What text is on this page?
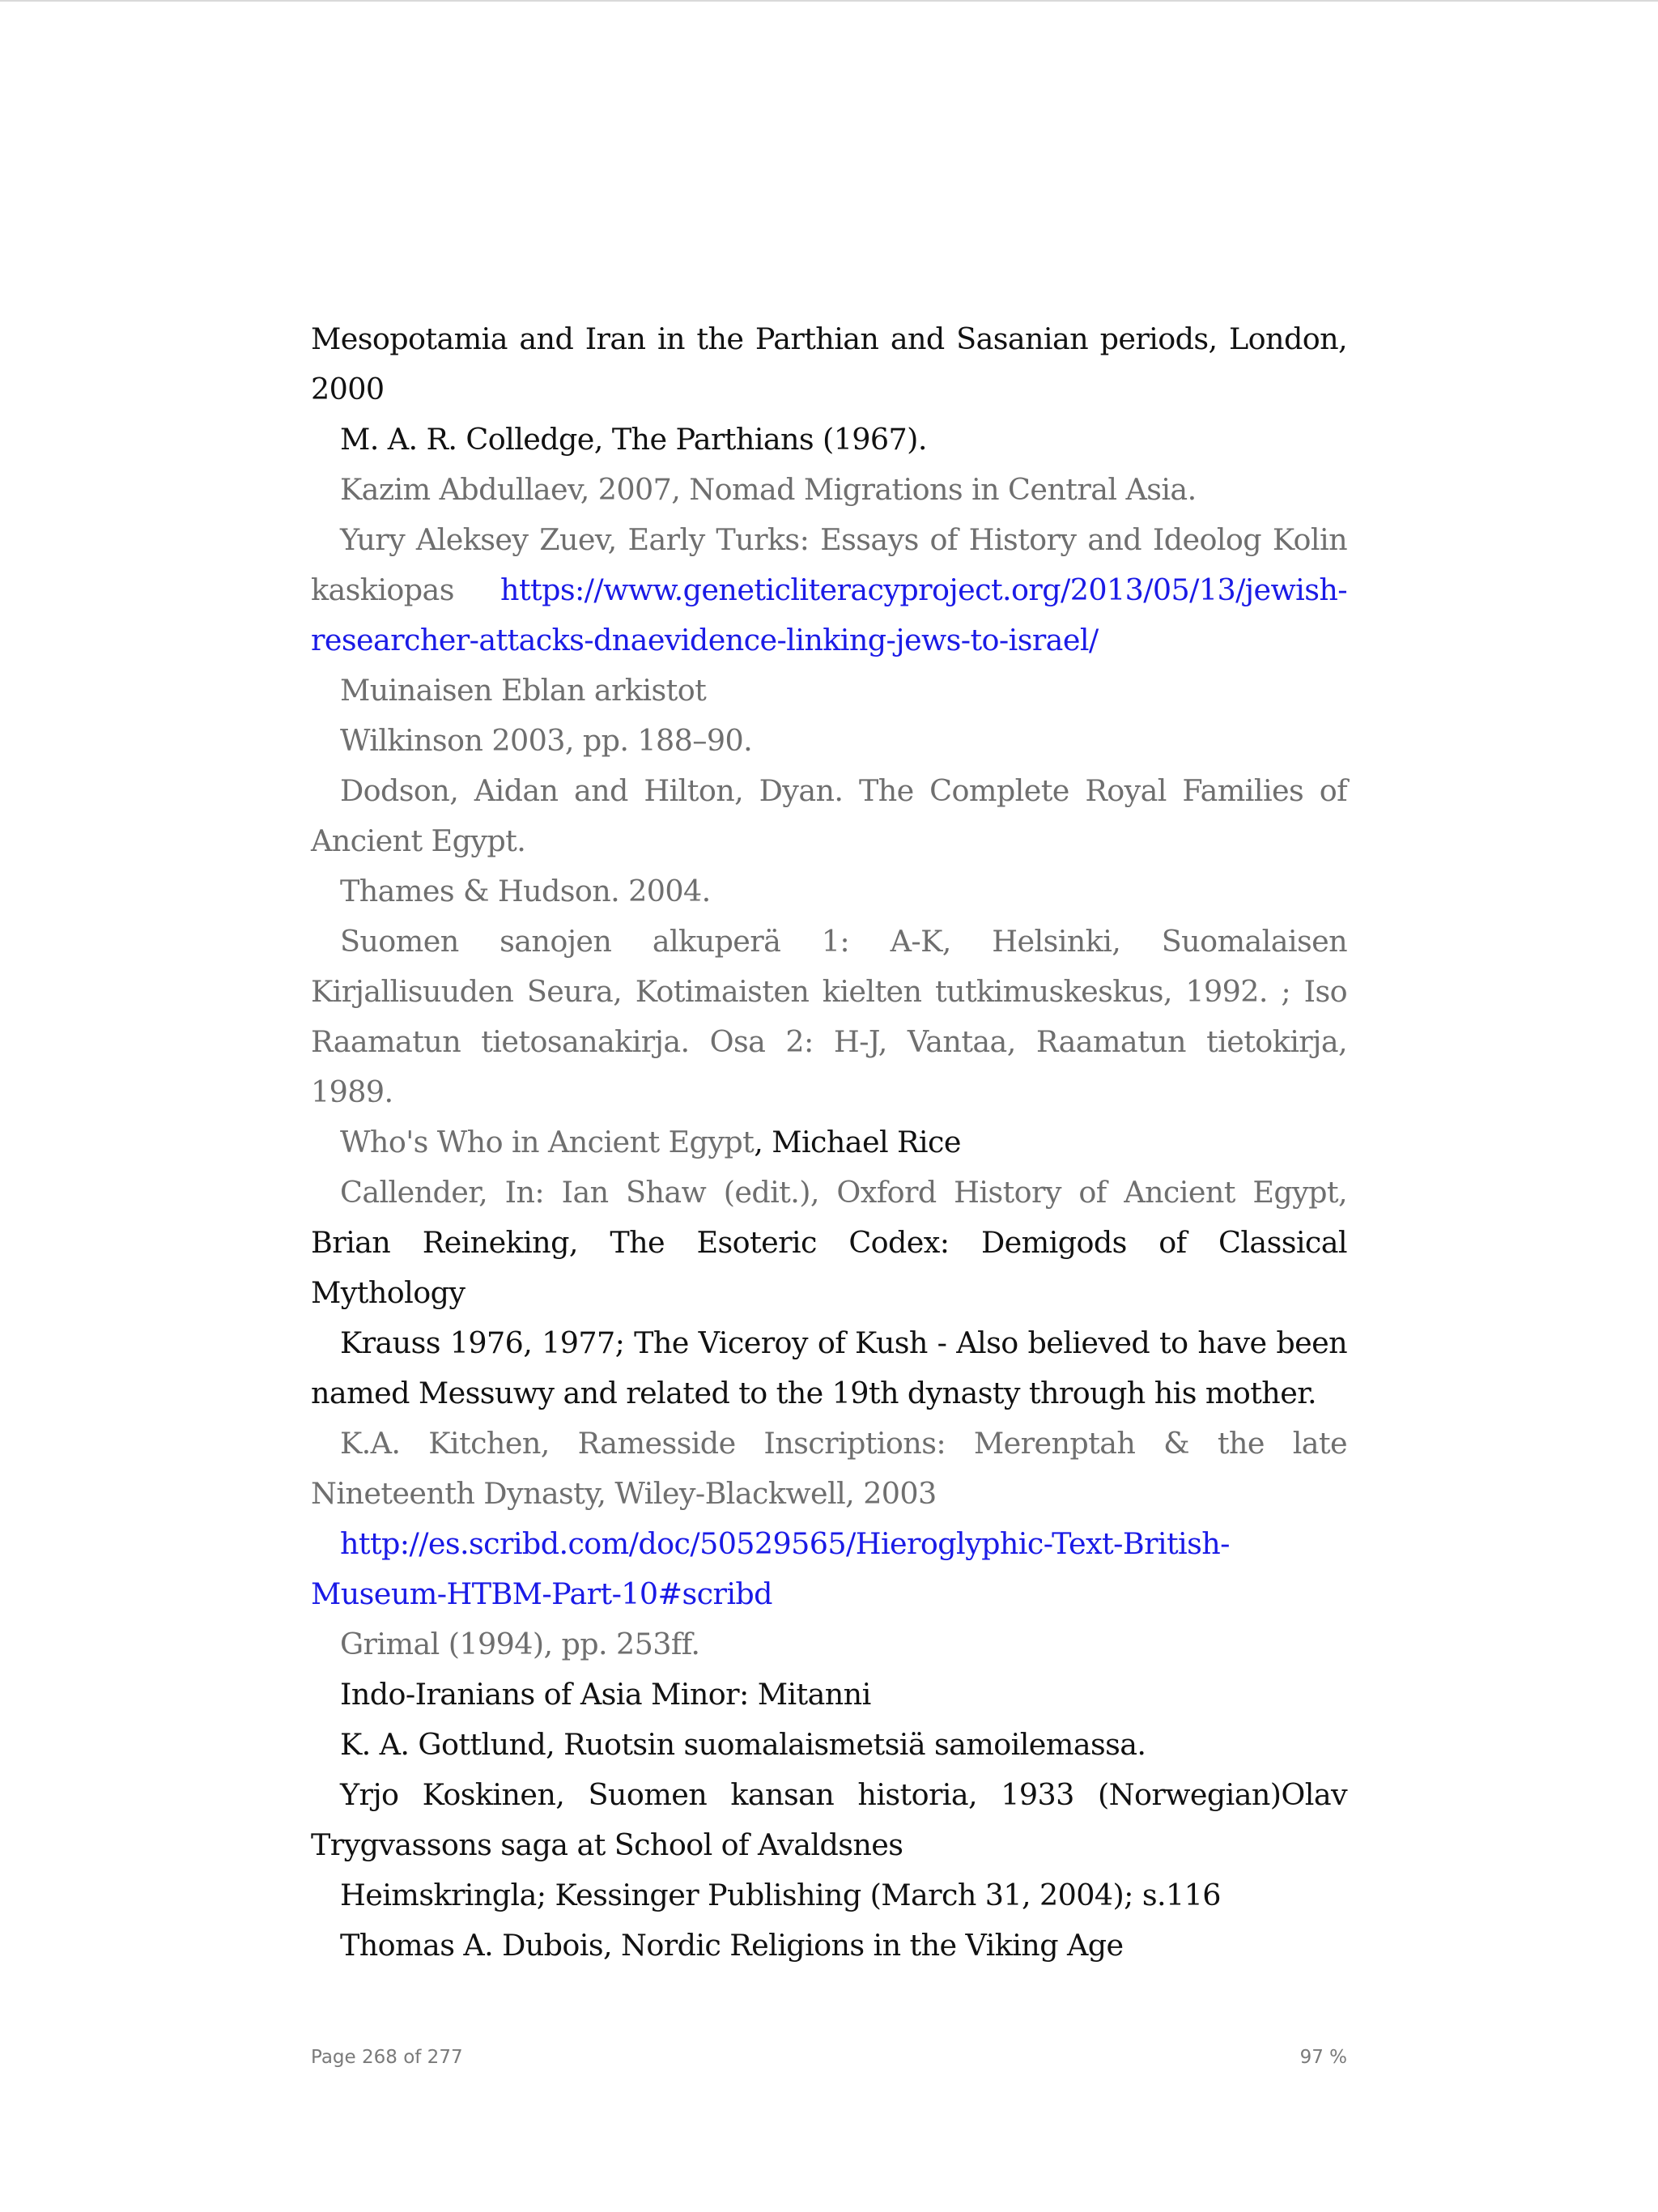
Mesopotamia and Iran in the Parthian and Sasanian periods, London, 2000

M. A. R. Colledge, The Parthians (1967).

Kazim Abdullaev, 2007, Nomad Migrations in Central Asia.

Yury Aleksey Zuev, Early Turks: Essays of History and Ideolog Kolin kaskiopas https://www.geneticliteracyproject.org/2013/05/13/jewish-researcher-attacks-dnaevidence-linking-jews-to-israel/

Muinaisen Eblan arkistot

Wilkinson 2003, pp. 188–90.

Dodson, Aidan and Hilton, Dyan. The Complete Royal Families of Ancient Egypt.

Thames & Hudson. 2004.

Suomen sanojen alkuperä 1: A-K, Helsinki, Suomalaisen Kirjallisuuden Seura, Kotimaisten kielten tutkimuskeskus, 1992. ; Iso Raamatun tietosanakirja. Osa 2: H-J, Vantaa, Raamatun tietokirja, 1989.

Who's Who in Ancient Egypt, Michael Rice

Callender, In: Ian Shaw (edit.), Oxford History of Ancient Egypt, Brian Reineking, The Esoteric Codex: Demigods of Classical Mythology

Krauss 1976, 1977; The Viceroy of Kush - Also believed to have been named Messuwy and related to the 19th dynasty through his mother.

K.A. Kitchen, Ramesside Inscriptions: Merenptah & the late Nineteenth Dynasty, Wiley-Blackwell, 2003

http://es.scribd.com/doc/50529565/Hieroglyphic-Text-British-Museum-HTBM-Part-10#scribd

Grimal (1994), pp. 253ff.

Indo-Iranians of Asia Minor: Mitanni

K. A. Gottlund, Ruotsin suomalaismetsiä samoilemassa.

Yrjo Koskinen, Suomen kansan historia, 1933 (Norwegian)Olav Trygvassons saga at School of Avaldsnes

Heimskringla; Kessinger Publishing (March 31, 2004); s.116

Thomas A. Dubois, Nordic Religions in the Viking Age

Page 268 of 277	97 %
